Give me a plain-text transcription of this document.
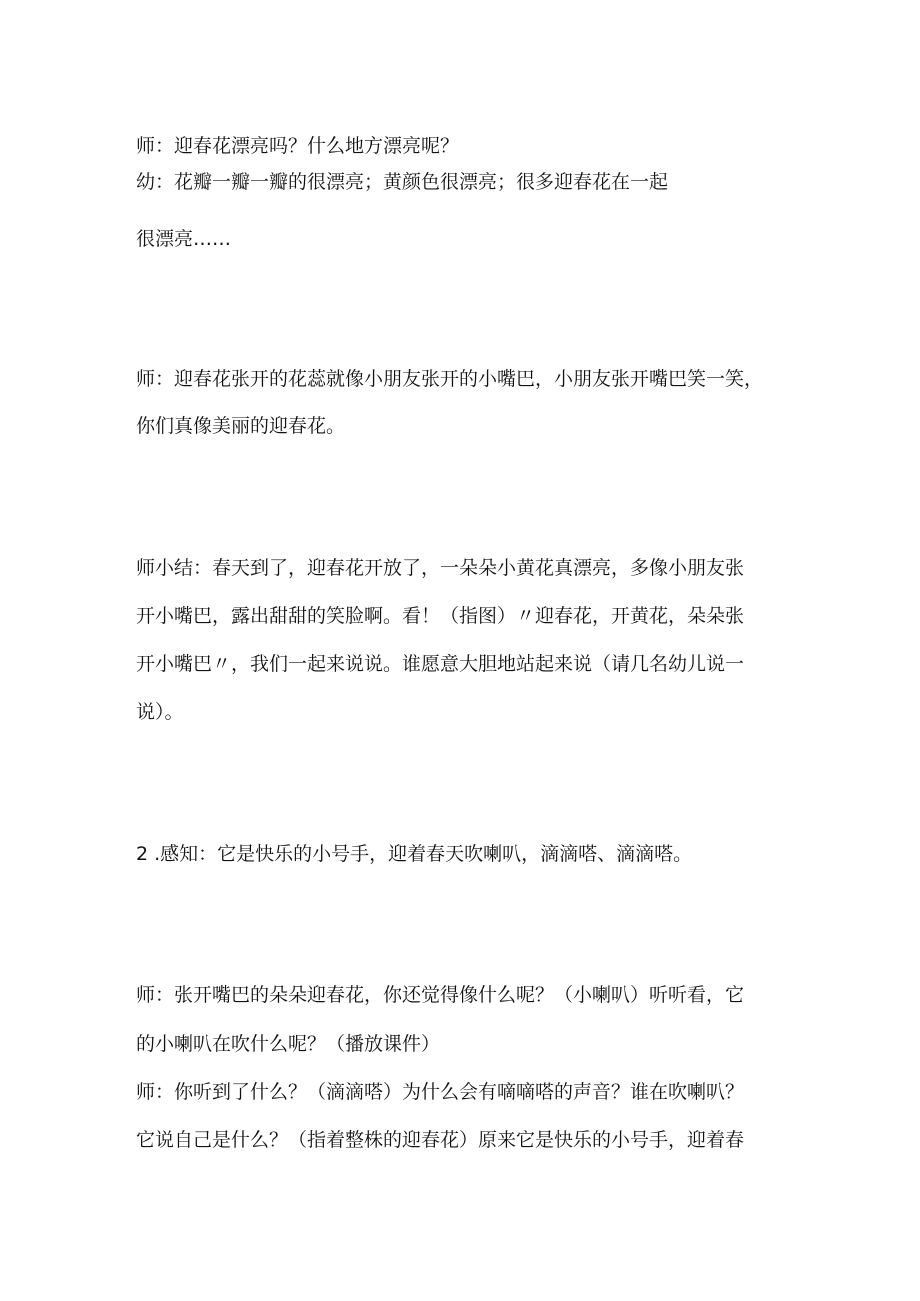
师：迎春花漂亮吗？什么地方漂亮呢？
幼：花瓣一瓣一瓣的很漂亮；黄颜色很漂亮；很多迎春花在一起
很漂亮……
师：迎春花张开的花蕊就像小朋友张开的小嘴巴，小朋友张开嘴巴笑一笑，
你们真像美丽的迎春花。
师小结：春天到了，迎春花开放了，一朵朵小黄花真漂亮，多像小朋友张
开小嘴巴，露出甜甜的笑脸啊。看！（指图）〃迎春花，开黄花，朵朵张
开小嘴巴〃，我们一起来说说。谁愿意大胆地站起来说（请几名幼儿说一
说）。
2 .感知：它是快乐的小号手，迎着春天吹喇叭，滴滴嗒、滴滴嗒。
师：张开嘴巴的朵朵迎春花，你还觉得像什么呢？（小喇叭）听听看，它
的小喇叭在吹什么呢？（播放课件）
师：你听到了什么？（滴滴嗒）为什么会有嘀嘀嗒的声音？谁在吹喇叭？
它说自己是什么？（指着整株的迎春花）原来它是快乐的小号手，迎着春
